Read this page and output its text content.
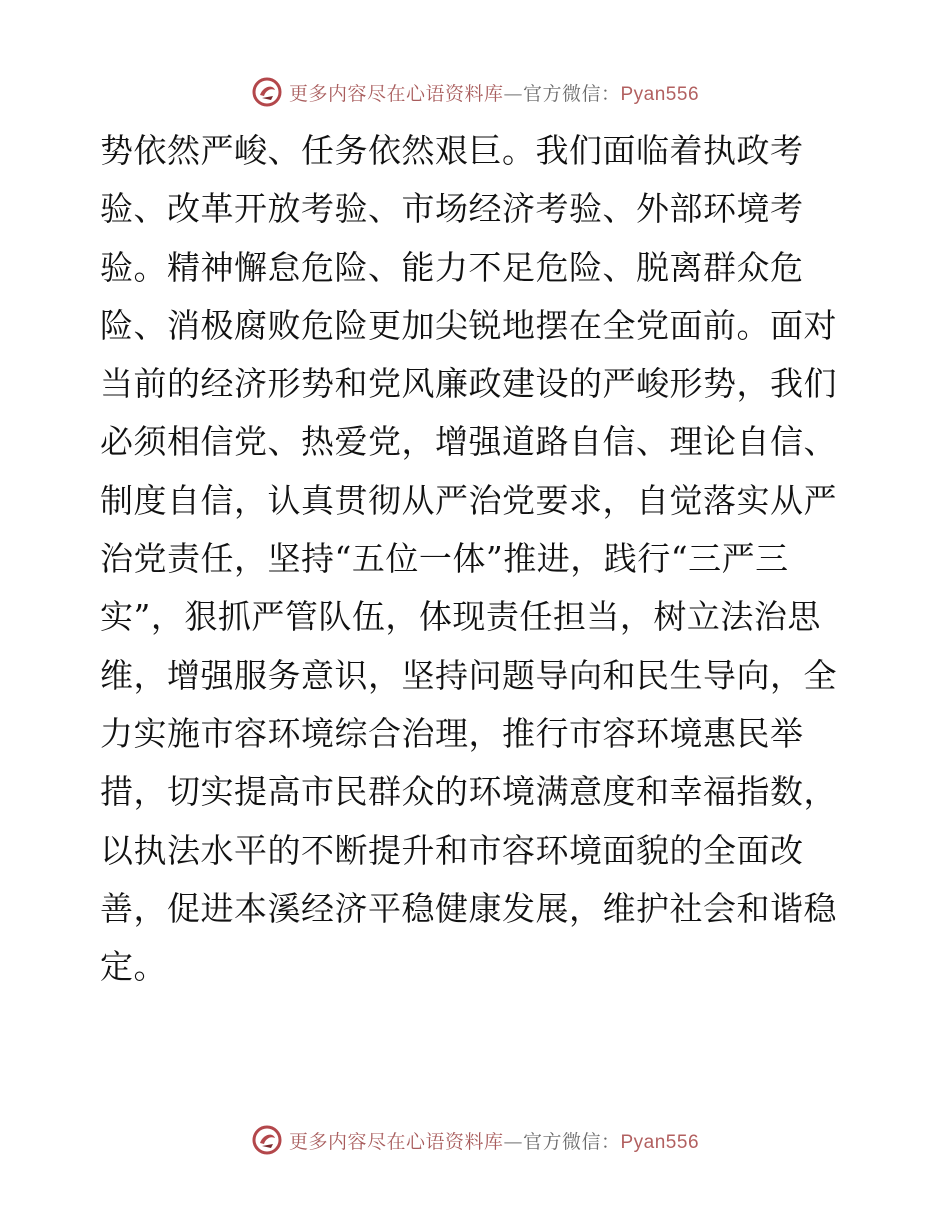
更多内容尽在心语资料库—官方微信：Pyan556
势依然严峻、任务依然艰巨。我们面临着执政考
验、改革开放考验、市场经济考验、外部环境考
验。精神懈怠危险、能力不足危险、脱离群众危
险、消极腐败危险更加尖锐地摆在全党面前。面对
当前的经济形势和党风廉政建设的严峻形势，我们
必须相信党、热爱党，增强道路自信、理论自信、
制度自信，认真贯彻从严治党要求，自觉落实从严
治党责任，坚持“五位一体”推进，践行“三严三
实”，狠抓严管队伍，体现责任担当，树立法治思
维，增强服务意识，坚持问题导向和民生导向，全
力实施市容环境综合治理，推行市容环境惠民举
措，切实提高市民群众的环境满意度和幸福指数，
以执法水平的不断提升和市容环境面貌的全面改
善，促进本溪经济平稳健康发展，维护社会和谐稳
定。
更多内容尽在心语资料库—官方微信：Pyan556
